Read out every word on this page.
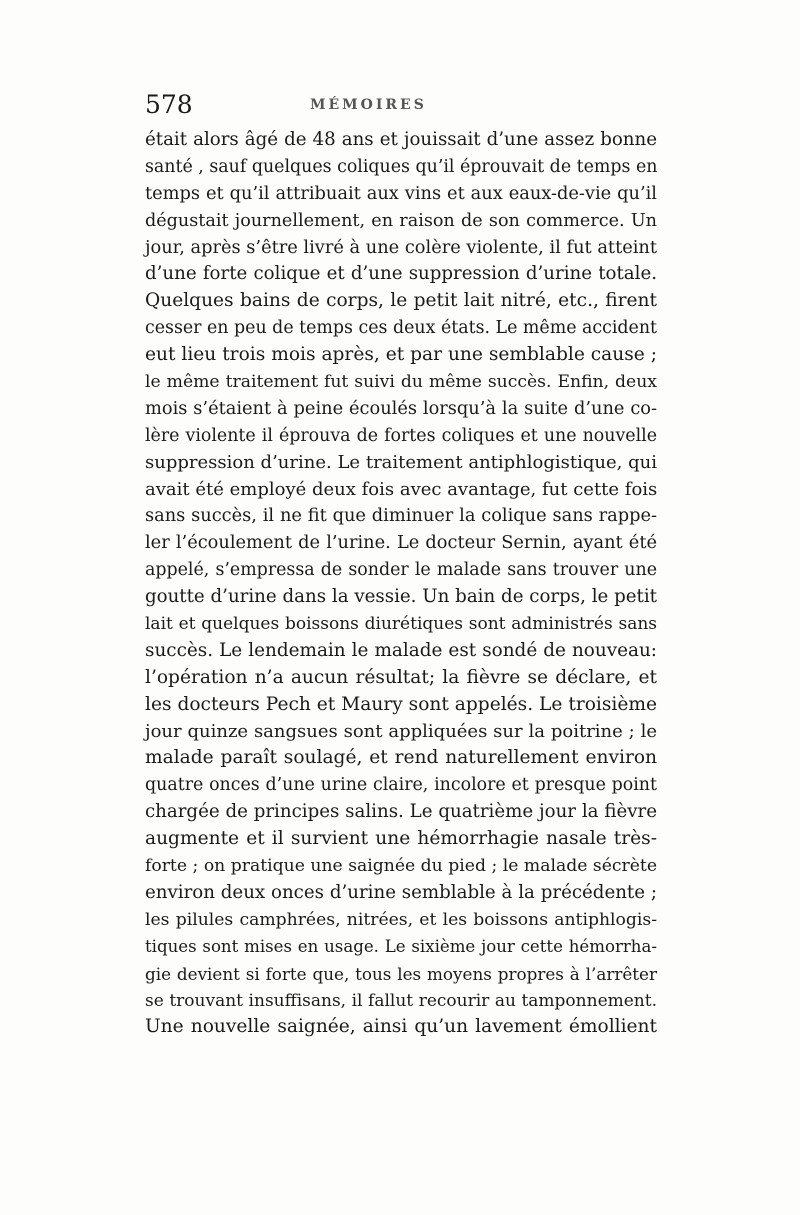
578	MÉMOIRES
était alors âgé de 48 ans et jouissait d’une assez bonne
santé , sauf quelques coliques qu’il éprouvait de temps en
temps et qu’il attribuait aux vins et aux eaux-de-vie qu’il
dégustait journellement, en raison de son commerce. Un
jour, après s’être livré à une colère violente, il fut atteint
d’une forte colique et d’une suppression d’urine totale.
Quelques bains de corps, le petit lait nitré, etc., firent
cesser en peu de temps ces deux états. Le même accident
eut lieu trois mois après, et par une semblable cause ;
le même traitement fut suivi du même succès. Enfin, deux
mois s’étaient à peine écoulés lorsqu’à la suite d’une co-
lère violente il éprouva de fortes coliques et une nouvelle
suppression d’urine. Le traitement antiphlogistique, qui
avait été employé deux fois avec avantage, fut cette fois
sans succès, il ne fit que diminuer la colique sans rappe-
ler l’écoulement de l’urine. Le docteur Sernin, ayant été
appelé, s’empressa de sonder le malade sans trouver une
goutte d’urine dans la vessie. Un bain de corps, le petit
lait et quelques boissons diurétiques sont administrés sans
succès. Le lendemain le malade est sondé de nouveau:
l’opération n’a aucun résultat; la fièvre se déclare, et
les docteurs Pech et Maury sont appelés. Le troisième
jour quinze sangsues sont appliquées sur la poitrine ; le
malade paraît soulagé, et rend naturellement environ
quatre onces d’une urine claire, incolore et presque point
chargée de principes salins. Le quatrième jour la fièvre
augmente et il survient une hémorrhagie nasale très-
forte ; on pratique une saignée du pied ; le malade sécrète
environ deux onces d’urine semblable à la précédente ;
les pilules camphrées, nitrées, et les boissons antiphlogis-
tiques sont mises en usage. Le sixième jour cette hémorrha-
gie devient si forte que, tous les moyens propres à l’arrêter
se trouvant insuffisans, il fallut recourir au tamponnement.
Une nouvelle saignée, ainsi qu’un lavement émollient
